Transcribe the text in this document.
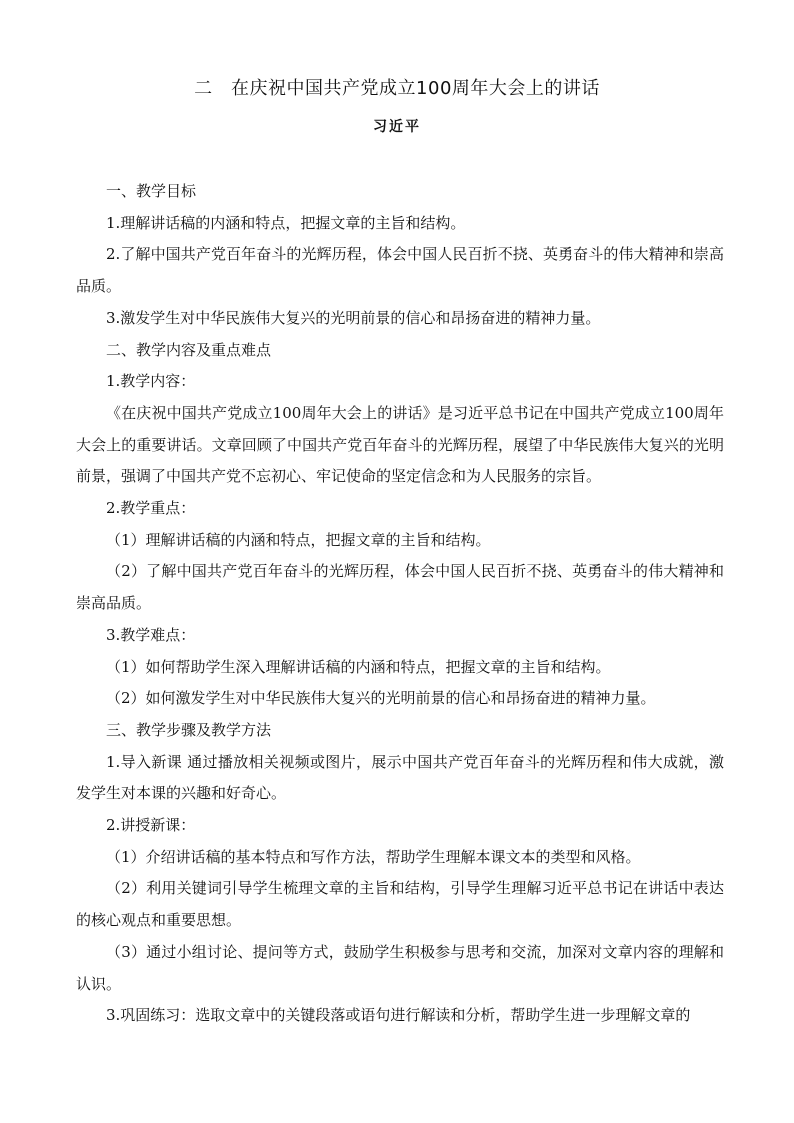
二　在庆祝中国共产党成立100周年大会上的讲话
习近平

一、教学目标

1.理解讲话稿的内涵和特点，把握文章的主旨和结构。

2.了解中国共产党百年奋斗的光辉历程，体会中国人民百折不挠、英勇奋斗的伟大精神和崇高品质。

3.激发学生对中华民族伟大复兴的光明前景的信心和昂扬奋进的精神力量。

二、教学内容及重点难点

1.教学内容：

《在庆祝中国共产党成立100周年大会上的讲话》是习近平总书记在中国共产党成立100周年大会上的重要讲话。文章回顾了中国共产党百年奋斗的光辉历程，展望了中华民族伟大复兴的光明前景，强调了中国共产党不忘初心、牢记使命的坚定信念和为人民服务的宗旨。

2.教学重点：

（1）理解讲话稿的内涵和特点，把握文章的主旨和结构。

（2）了解中国共产党百年奋斗的光辉历程，体会中国人民百折不挠、英勇奋斗的伟大精神和崇高品质。

3.教学难点：

（1）如何帮助学生深入理解讲话稿的内涵和特点，把握文章的主旨和结构。

（2）如何激发学生对中华民族伟大复兴的光明前景的信心和昂扬奋进的精神力量。

三、教学步骤及教学方法

1.导入新课 通过播放相关视频或图片，展示中国共产党百年奋斗的光辉历程和伟大成就，激发学生对本课的兴趣和好奇心。

2.讲授新课：

（1）介绍讲话稿的基本特点和写作方法，帮助学生理解本课文本的类型和风格。

（2）利用关键词引导学生梳理文章的主旨和结构，引导学生理解习近平总书记在讲话中表达的核心观点和重要思想。

（3）通过小组讨论、提问等方式，鼓励学生积极参与思考和交流，加深对文章内容的理解和认识。

3.巩固练习：选取文章中的关键段落或语句进行解读和分析，帮助学生进一步理解文章的
